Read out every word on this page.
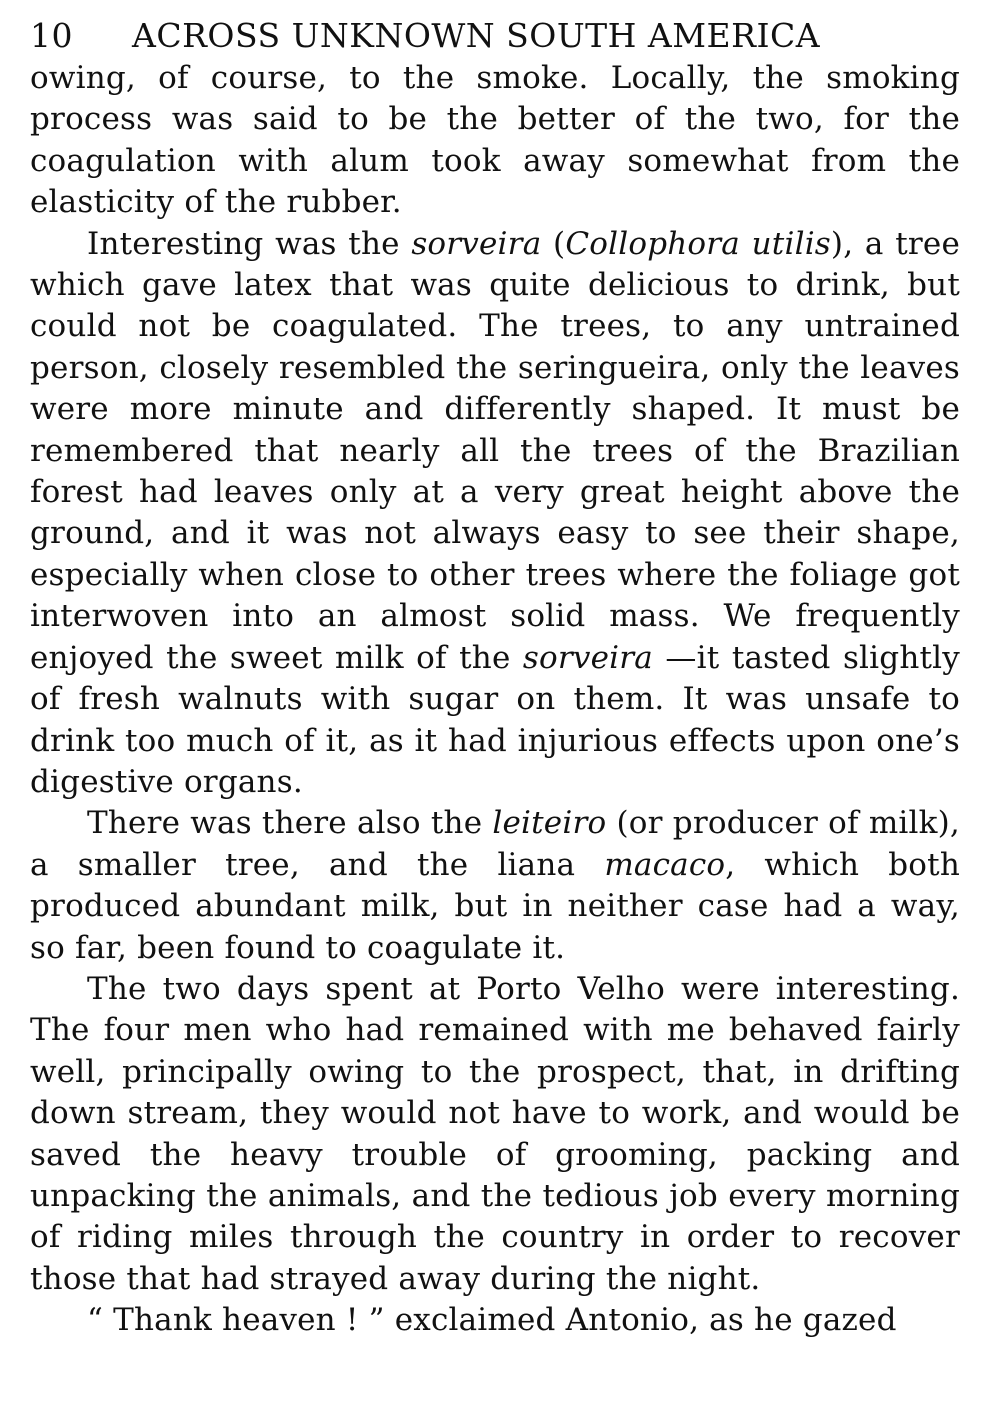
10	ACROSS UNKNOWN SOUTH AMERICA

owing, of course, to the smoke. Locally, the smoking process was said to be the better of the two, for the coagulation with alum took away somewhat from the elasticity of the rubber.

Interesting was the sorveira (Collophora utilis), a tree which gave latex that was quite delicious to drink, but could not be coagulated. The trees, to any untrained person, closely resembled the seringueira, only the leaves were more minute and differently shaped. It must be remembered that nearly all the trees of the Brazilian forest had leaves only at a very great height above the ground, and it was not always easy to see their shape, especially when close to other trees where the foliage got interwoven into an almost solid mass. We frequently enjoyed the sweet milk of the sorveira —it tasted slightly of fresh walnuts with sugar on them. It was unsafe to drink too much of it, as it had injurious effects upon one’s digestive organs.

There was there also the leiteiro (or producer of milk), a smaller tree, and the liana macaco, which both produced abundant milk, but in neither case had a way, so far, been found to coagulate it.

The two days spent at Porto Velho were interesting. The four men who had remained with me behaved fairly well, principally owing to the prospect, that, in drifting down stream, they would not have to work, and would be saved the heavy trouble of grooming, packing and unpacking the animals, and the tedious job every morning of riding miles through the country in order to recover those that had strayed away during the night.

“ Thank heaven ! ” exclaimed Antonio, as he gazed
